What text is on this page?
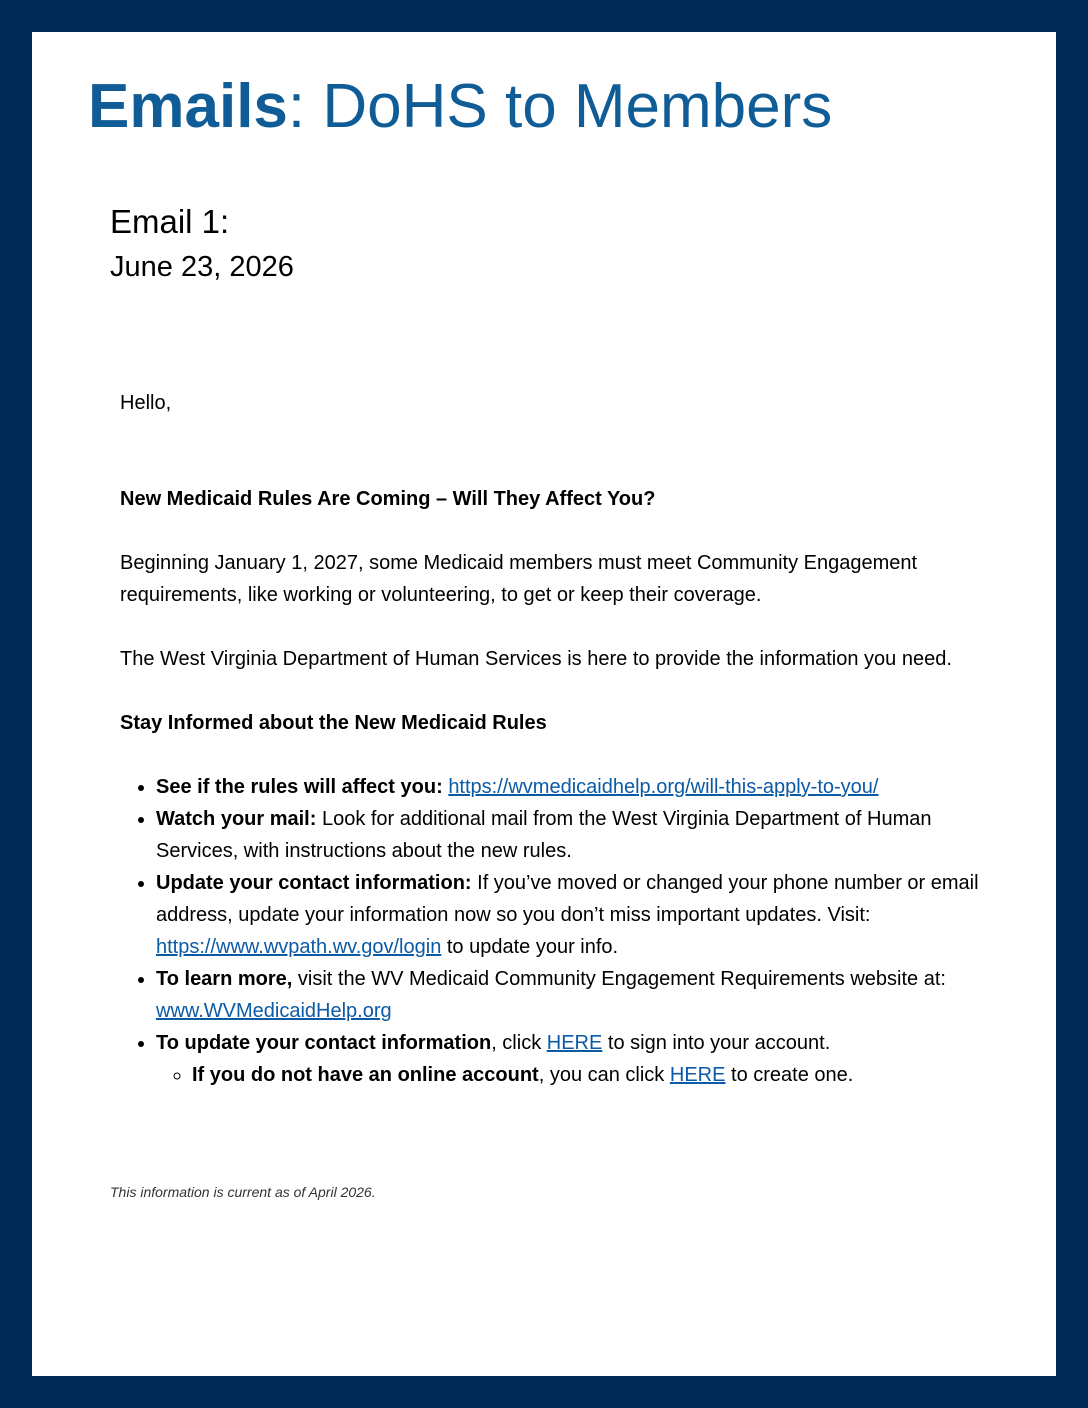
Emails: DoHS to Members
Email 1:
June 23, 2026

Hello,

New Medicaid Rules Are Coming – Will They Affect You?

Beginning January 1, 2027, some Medicaid members must meet Community Engagement requirements, like working or volunteering, to get or keep their coverage.

The West Virginia Department of Human Services is here to provide the information you need.

Stay Informed about the New Medicaid Rules

• See if the rules will affect you: https://wvmedicaidhelp.org/will-this-apply-to-you/
• Watch your mail: Look for additional mail from the West Virginia Department of Human Services, with instructions about the new rules.
• Update your contact information: If you’ve moved or changed your phone number or email address, update your information now so you don’t miss important updates. Visit: https://www.wvpath.wv.gov/login to update your info.
• To learn more, visit the WV Medicaid Community Engagement Requirements website at: www.WVMedicaidHelp.org
• To update your contact information, click HERE to sign into your account.
◦ If you do not have an online account, you can click HERE to create one.
This information is current as of April 2026.
